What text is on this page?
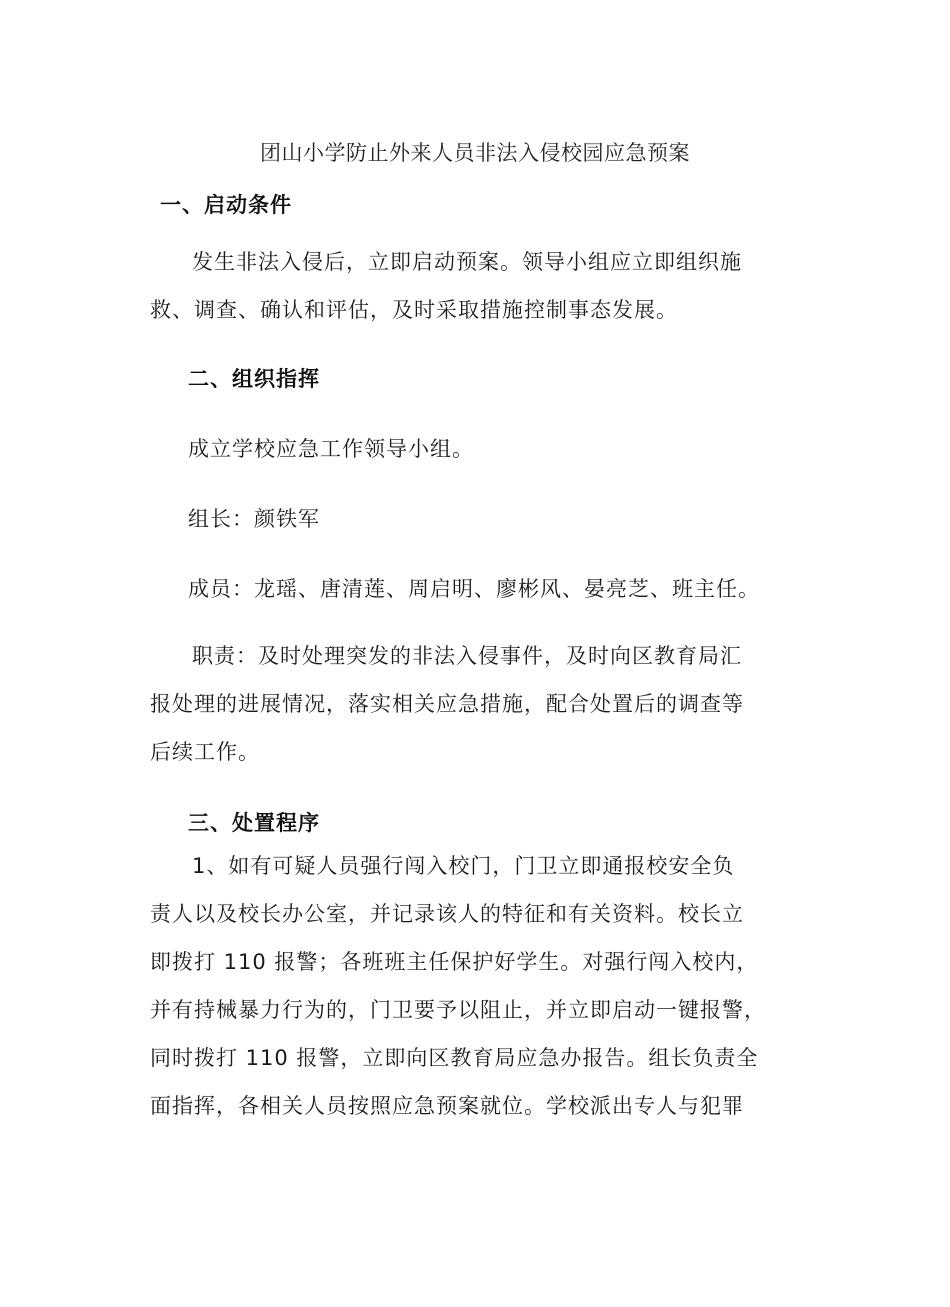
团山小学防止外来人员非法入侵校园应急预案
一、启动条件
发生非法入侵后，立即启动预案。领导小组应立即组织施
救、调查、确认和评估，及时采取措施控制事态发展。
二、组织指挥
成立学校应急工作领导小组。
组长：颜铁军
成员：龙瑶、唐清莲、周启明、廖彬风、晏亮芝、班主任。
职责：及时处理突发的非法入侵事件，及时向区教育局汇
报处理的进展情况，落实相关应急措施，配合处置后的调查等
后续工作。
三、处置程序
1、如有可疑人员强行闯入校门，门卫立即通报校安全负
责人以及校长办公室，并记录该人的特征和有关资料。校长立
即拨打 110 报警；各班班主任保护好学生。对强行闯入校内，
并有持械暴力行为的，门卫要予以阻止，并立即启动一键报警，
同时拨打 110 报警，立即向区教育局应急办报告。组长负责全
面指挥，各相关人员按照应急预案就位。学校派出专人与犯罪
